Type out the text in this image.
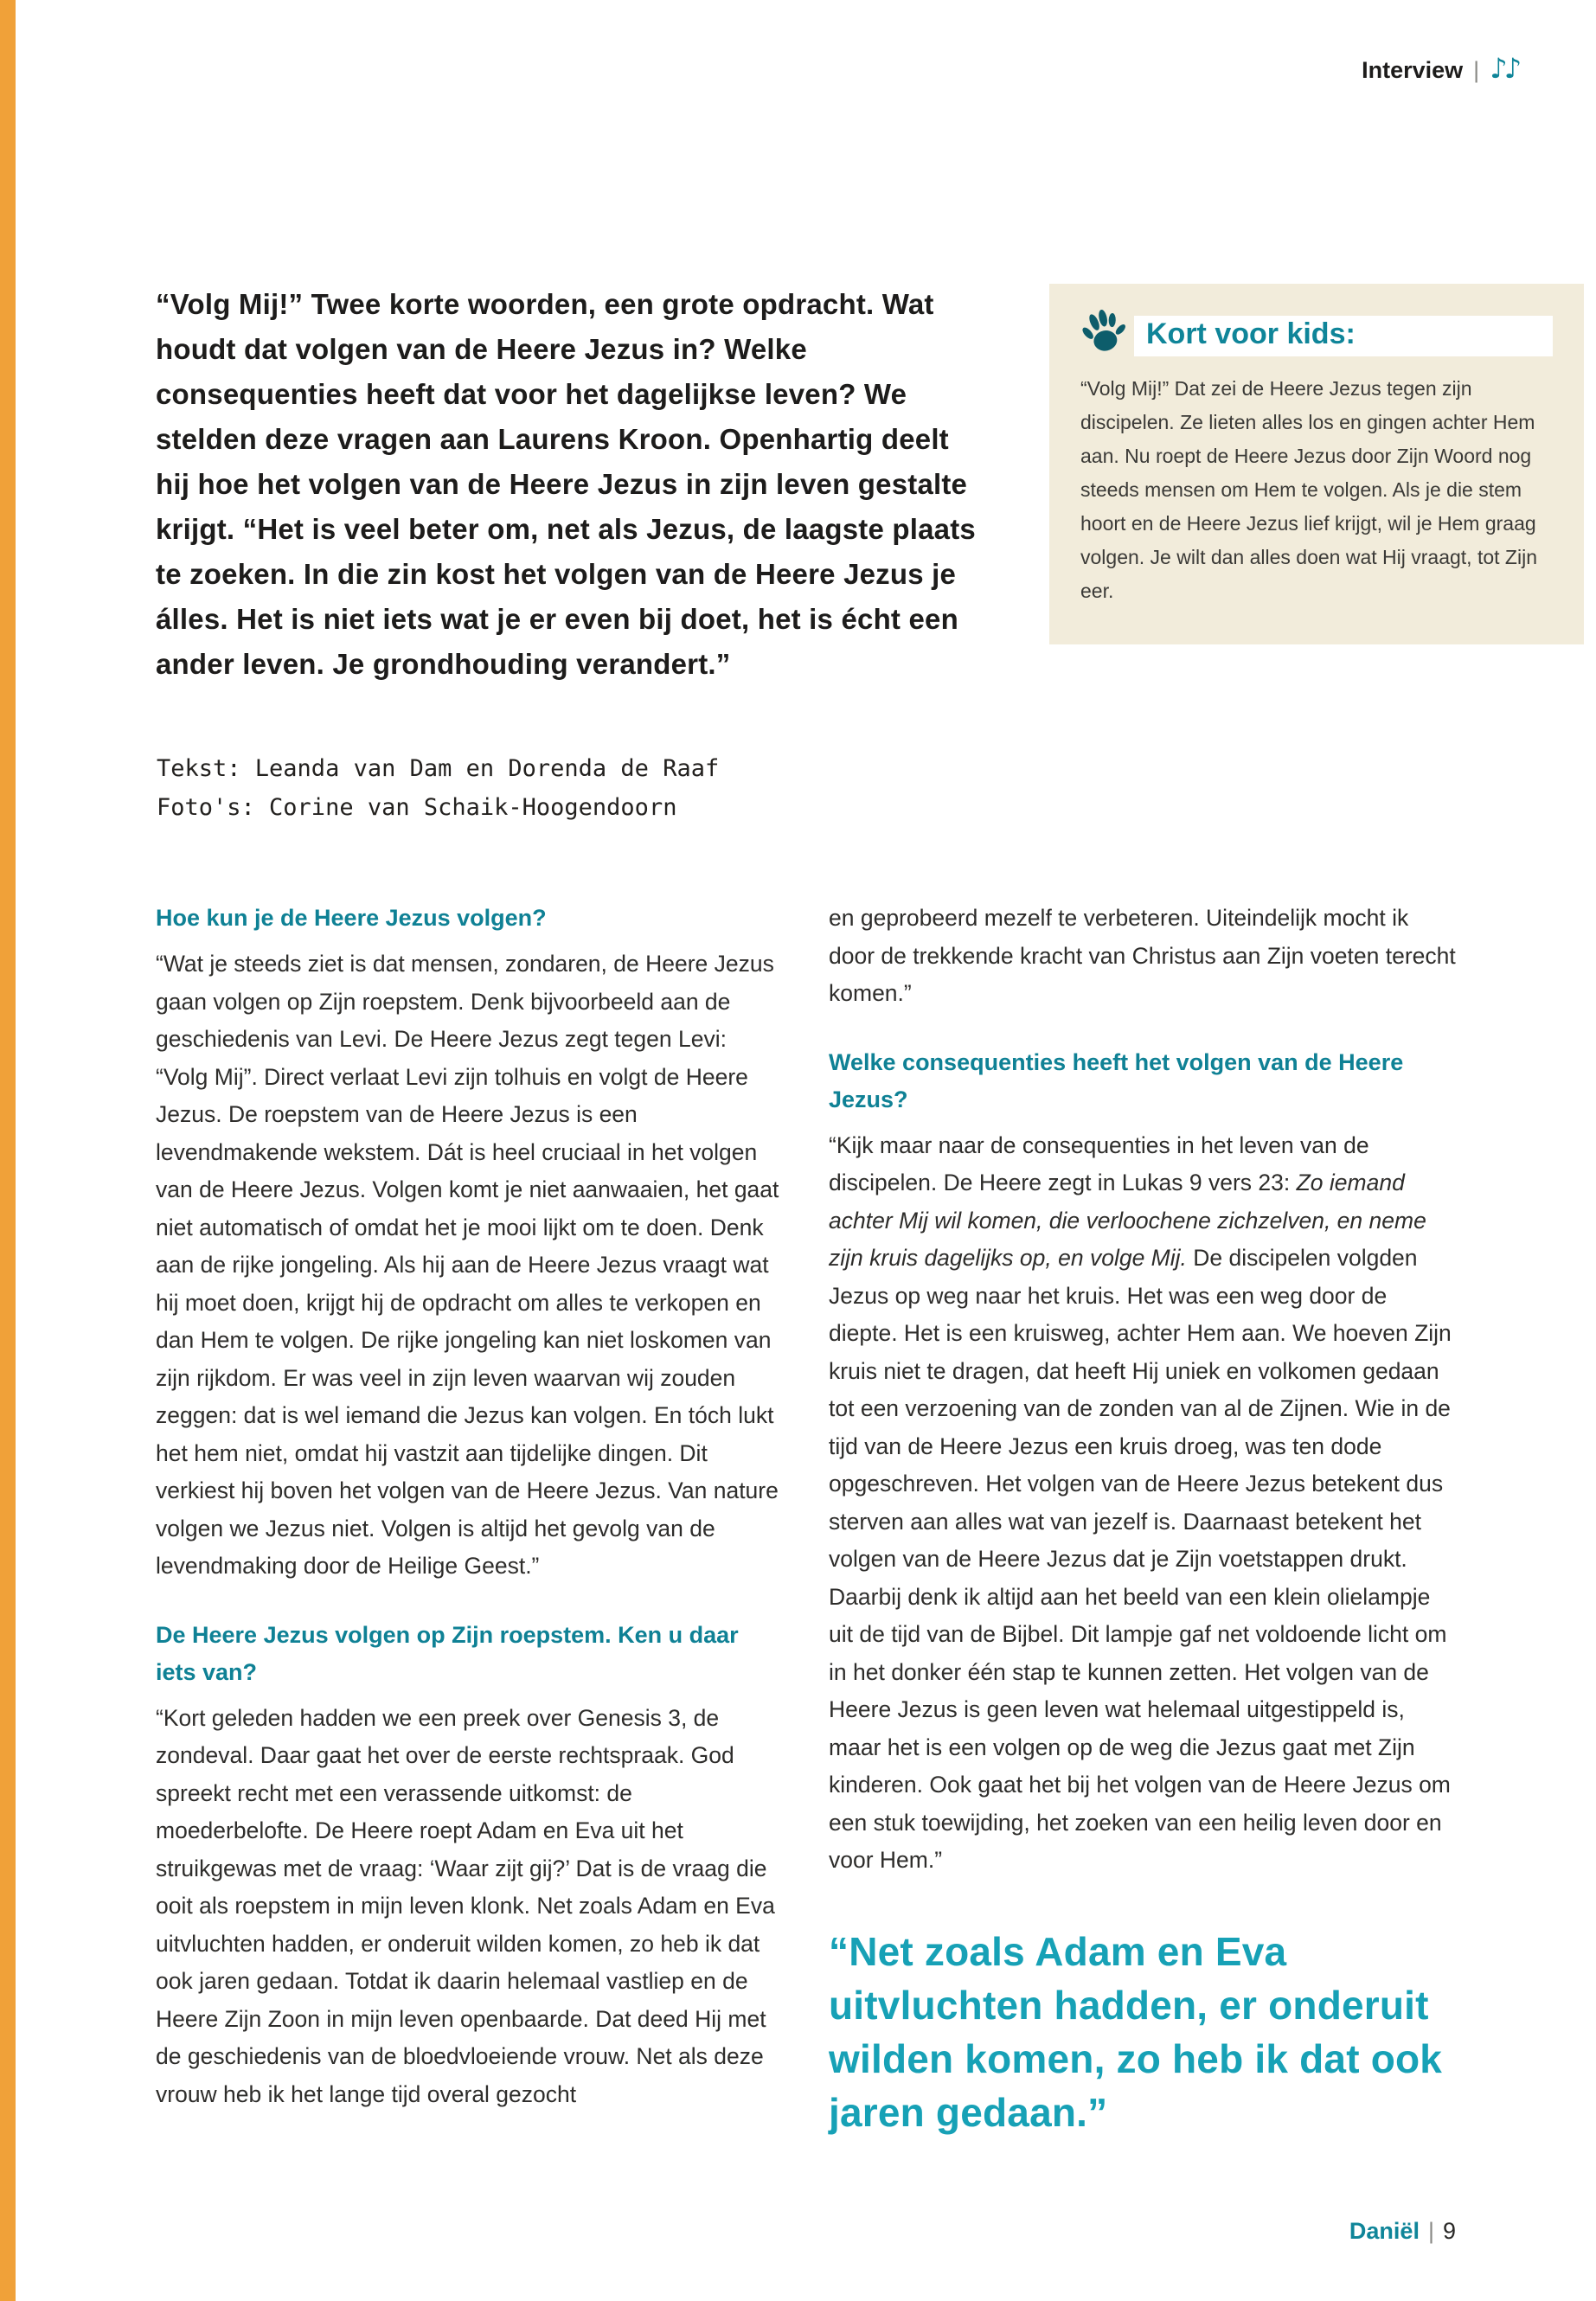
Interview | ♪♪
“Volg Mij!” Twee korte woorden, een grote opdracht. Wat houdt dat volgen van de Heere Jezus in? Welke consequenties heeft dat voor het dagelijkse leven? We stelden deze vragen aan Laurens Kroon. Openhartig deelt hij hoe het volgen van de Heere Jezus in zijn leven gestalte krijgt. “Het is veel beter om, net als Jezus, de laagste plaats te zoeken. In die zin kost het volgen van de Heere Jezus je álles. Het is niet iets wat je er even bij doet, het is écht een ander leven. Je grondhouding verandert.”
Kort voor kids:
“Volg Mij!” Dat zei de Heere Jezus tegen zijn discipelen. Ze lieten alles los en gingen achter Hem aan. Nu roept de Heere Jezus door Zijn Woord nog steeds mensen om Hem te volgen. Als je die stem hoort en de Heere Jezus lief krijgt, wil je Hem graag volgen. Je wilt dan alles doen wat Hij vraagt, tot Zijn eer.
Tekst: Leanda van Dam en Dorenda de Raaf
Foto's: Corine van Schaik-Hoogendoorn
Hoe kun je de Heere Jezus volgen?

“Wat je steeds ziet is dat mensen, zondaren, de Heere Jezus gaan volgen op Zijn roepstem. Denk bijvoorbeeld aan de geschiedenis van Levi. De Heere Jezus zegt tegen Levi: “Volg Mij”. Direct verlaat Levi zijn tolhuis en volgt de Heere Jezus. De roepstem van de Heere Jezus is een levendmakende wekstem. Dát is heel cruciaal in het volgen van de Heere Jezus. Volgen komt je niet aanwaaien, het gaat niet automatisch of omdat het je mooi lijkt om te doen. Denk aan de rijke jongeling. Als hij aan de Heere Jezus vraagt wat hij moet doen, krijgt hij de opdracht om alles te verkopen en dan Hem te volgen. De rijke jongeling kan niet loskomen van zijn rijkdom. Er was veel in zijn leven waarvan wij zouden zeggen: dat is wel iemand die Jezus kan volgen. En tóch lukt het hem niet, omdat hij vastzit aan tijdelijke dingen. Dit verkiest hij boven het volgen van de Heere Jezus. Van nature volgen we Jezus niet. Volgen is altijd het gevolg van de levendmaking door de Heilige Geest.”

De Heere Jezus volgen op Zijn roepstem. Ken u daar iets van?

“Kort geleden hadden we een preek over Genesis 3, de zondeval. Daar gaat het over de eerste rechtspraak. God spreekt recht met een verassende uitkomst: de moederbelofte. De Heere roept Adam en Eva uit het struikgewas met de vraag: ‘Waar zijt gij?’ Dat is de vraag die ooit als roepstem in mijn leven klonk. Net zoals Adam en Eva uitvluchten hadden, er onderuit wilden komen, zo heb ik dat ook jaren gedaan. Totdat ik daarin helemaal vastliep en de Heere Zijn Zoon in mijn leven openbaarde. Dat deed Hij met de geschiedenis van de bloedvloeiende vrouw. Net als deze vrouw heb ik het lange tijd overal gezocht

en geprobeerd mezelf te verbeteren. Uiteindelijk mocht ik door de trekkende kracht van Christus aan Zijn voeten terecht komen.”

Welke consequenties heeft het volgen van de Heere Jezus?

“Kijk maar naar de consequenties in het leven van de discipelen. De Heere zegt in Lukas 9 vers 23: Zo iemand achter Mij wil komen, die verloochene zichzelven, en neme zijn kruis dagelijks op, en volge Mij. De discipelen volgden Jezus op weg naar het kruis. Het was een weg door de diepte. Het is een kruisweg, achter Hem aan. We hoeven Zijn kruis niet te dragen, dat heeft Hij uniek en volkomen gedaan tot een verzoening van de zonden van al de Zijnen. Wie in de tijd van de Heere Jezus een kruis droeg, was ten dode opgeschreven. Het volgen van de Heere Jezus betekent dus sterven aan alles wat van jezelf is. Daarnaast betekent het volgen van de Heere Jezus dat je Zijn voetstappen drukt. Daarbij denk ik altijd aan het beeld van een klein olielampje uit de tijd van de Bijbel. Dit lampje gaf net voldoende licht om in het donker één stap te kunnen zetten. Het volgen van de Heere Jezus is geen leven wat helemaal uitgestippeld is, maar het is een volgen op de weg die Jezus gaat met Zijn kinderen. Ook gaat het bij het volgen van de Heere Jezus om een stuk toewijding, het zoeken van een heilig leven door en voor Hem.”

“Net zoals Adam en Eva uitvluchten hadden, er onderuit wilden komen, zo heb ik dat ook jaren gedaan.”
Daniël | 9
